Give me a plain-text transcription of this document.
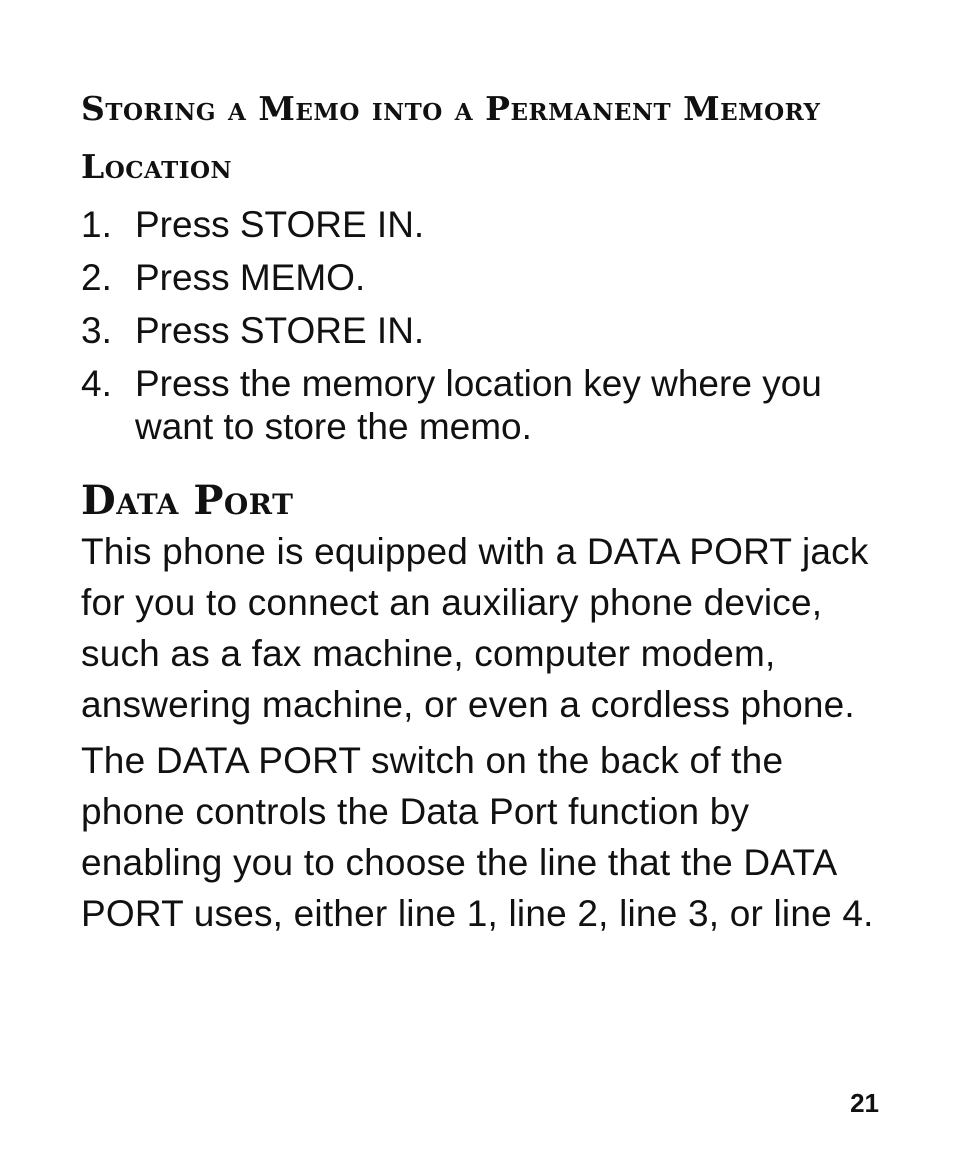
Storing a Memo into a Permanent Memory Location
1. Press STORE IN.
2. Press MEMO.
3. Press STORE IN.
4. Press the memory location key where you want to store the memo.
Data Port

This phone is equipped with a DATA PORT jack for you to connect an auxiliary phone device, such as a fax machine, computer modem, answering machine, or even a cordless phone.

The DATA PORT switch on the back of the phone controls the Data Port function by enabling you to choose the line that the DATA PORT uses, either line 1, line 2, line 3, or line 4.

21
